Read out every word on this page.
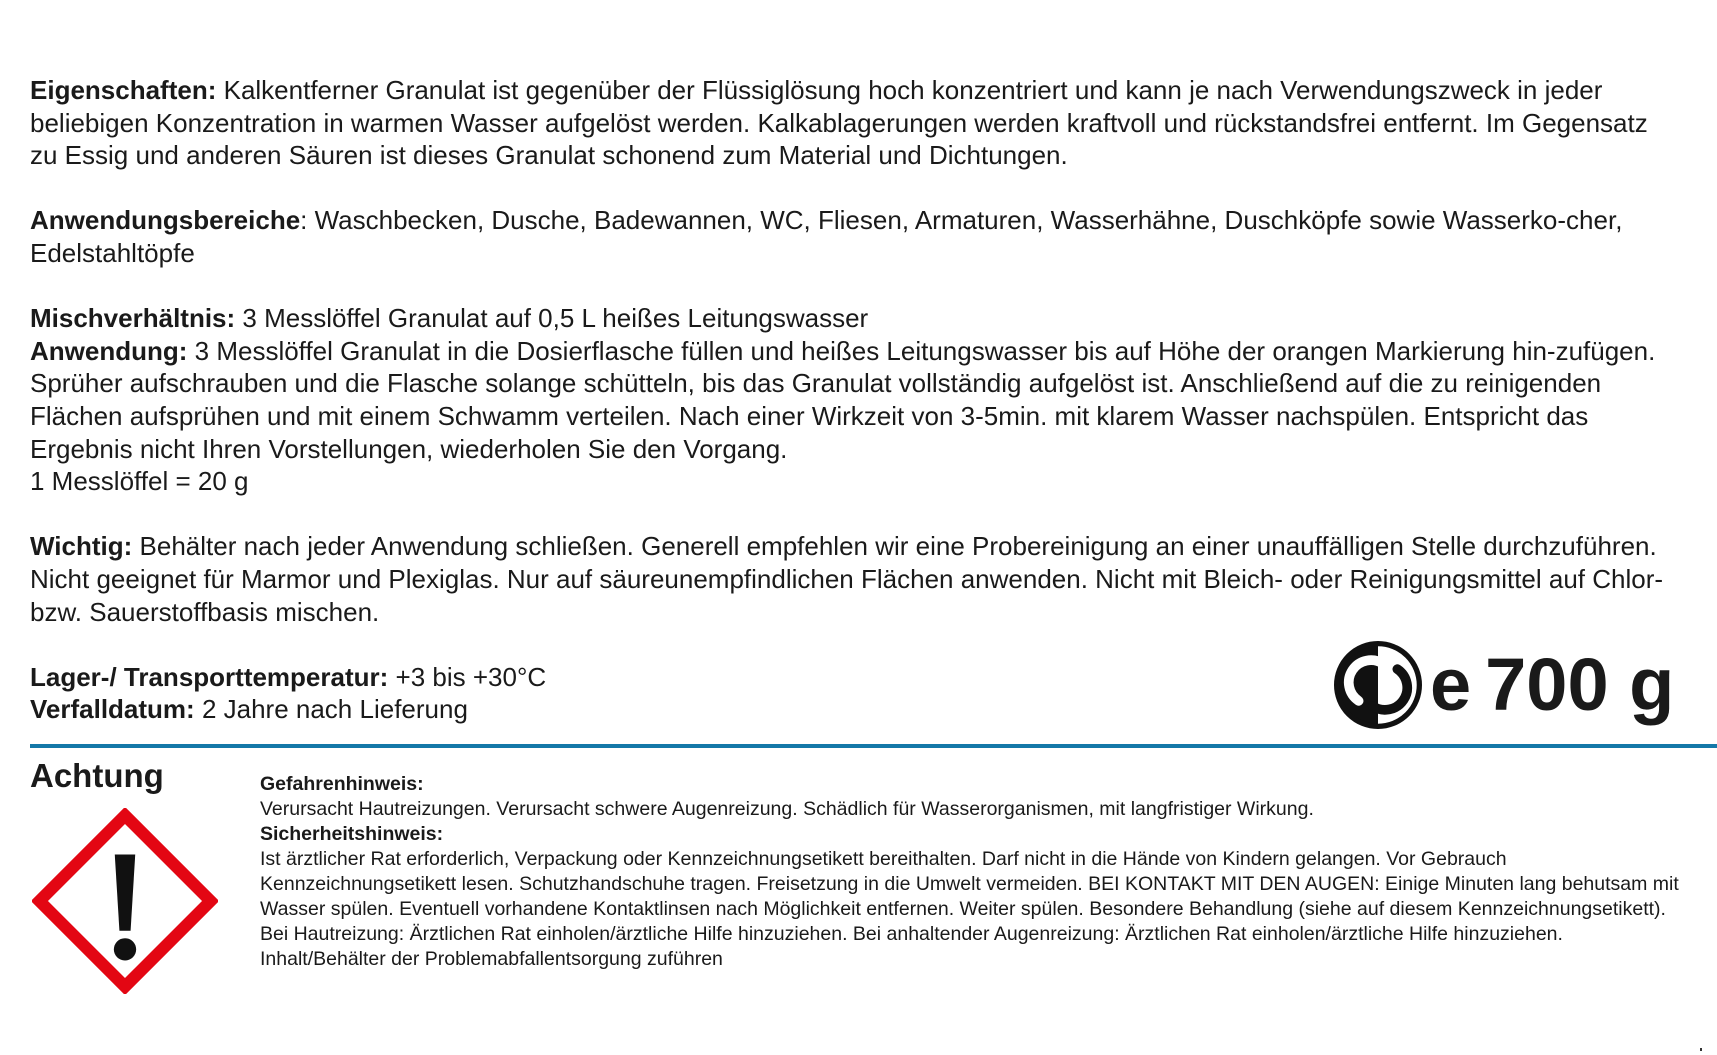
Eigenschaften: Kalkentferner Granulat ist gegenüber der Flüssiglösung hoch konzentriert und kann je nach Verwendungszweck in jeder beliebigen Konzentration in warmen Wasser aufgelöst werden. Kalkablagerungen werden kraftvoll und rückstandsfrei entfernt. Im Gegensatz zu Essig und anderen Säuren ist dieses Granulat schonend zum Material und Dichtungen.

Anwendungsbereiche: Waschbecken, Dusche, Badewannen, WC, Fliesen, Armaturen, Wasserhähne, Duschköpfe sowie Wasserko-cher, Edelstahltöpfe

Mischverhältnis: 3 Messlöffel Granulat auf 0,5 L heißes Leitungswasser

Anwendung: 3 Messlöffel Granulat in die Dosierflasche füllen und heißes Leitungswasser bis auf Höhe der orangen Markierung hin-zufügen. Sprüher aufschrauben und die Flasche solange schütteln, bis das Granulat vollständig aufgelöst ist. Anschließend auf die zu reinigenden Flächen aufsprühen und mit einem Schwamm verteilen. Nach einer Wirkzeit von 3-5min. mit klarem Wasser nachspülen. Entspricht das Ergebnis nicht Ihren Vorstellungen, wiederholen Sie den Vorgang.

1 Messlöffel = 20 g

Wichtig: Behälter nach jeder Anwendung schließen. Generell empfehlen wir eine Probereinigung an einer unauffälligen Stelle durchzuführen. Nicht geeignet für Marmor und Plexiglas. Nur auf säureunempfindlichen Flächen anwenden. Nicht mit Bleich- oder Reinigungsmittel auf Chlor- bzw. Sauerstoffbasis mischen.

Lager-/ Transporttemperatur: +3 bis +30°C

Verfalldatum: 2 Jahre nach Lieferung	e 700 g
Achtung	Gefahrenhinweis:

Verursacht Hautreizungen. Verursacht schwere Augenreizung. Schädlich für Wasserorganismen, mit langfristiger Wirkung.

Sicherheitshinweis:

Ist ärztlicher Rat erforderlich, Verpackung oder Kennzeichnungsetikett bereithalten. Darf nicht in die Hände von Kindern gelangen. Vor Gebrauch Kennzeichnungsetikett lesen. Schutzhandschuhe tragen. Freisetzung in die Umwelt vermeiden. BEI KONTAKT MIT DEN AUGEN: Einige Minuten lang behutsam mit Wasser spülen. Eventuell vorhandene Kontaktlinsen nach Möglichkeit entfernen. Weiter spülen. Besondere Behandlung (siehe auf diesem Kennzeichnungsetikett). Bei Hautreizung: Ärztlichen Rat einholen/ärztliche Hilfe hinzuziehen. Bei anhaltender Augenreizung: Ärztlichen Rat einholen/ärztliche Hilfe hinzuziehen. Inhalt/Behälter der Problemabfallentsorgung zuführen
